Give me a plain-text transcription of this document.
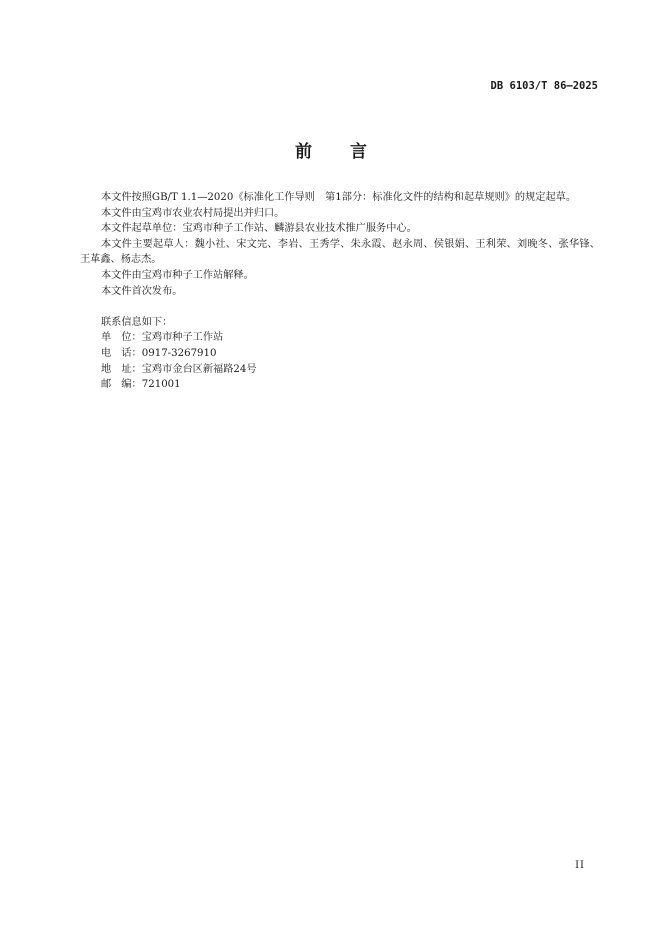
DB 6103/T 86—2025
前 言

本文件按照GB/T 1.1—2020《标准化工作导则　第1部分：标准化文件的结构和起草规则》的规定起草。

本文件由宝鸡市农业农村局提出并归口。

本文件起草单位：宝鸡市种子工作站、麟游县农业技术推广服务中心。

本文件主要起草人：魏小社、宋文完、李岩、王秀学、朱永霞、赵永周、侯银娟、王利荣、刘晚冬、张华锋、王革鑫、杨志杰。

本文件由宝鸡市种子工作站解释。

本文件首次发布。

联系信息如下：

单　位：宝鸡市种子工作站

电　话：0917-3267910

地　址：宝鸡市金台区新福路24号

邮　编：721001

II
